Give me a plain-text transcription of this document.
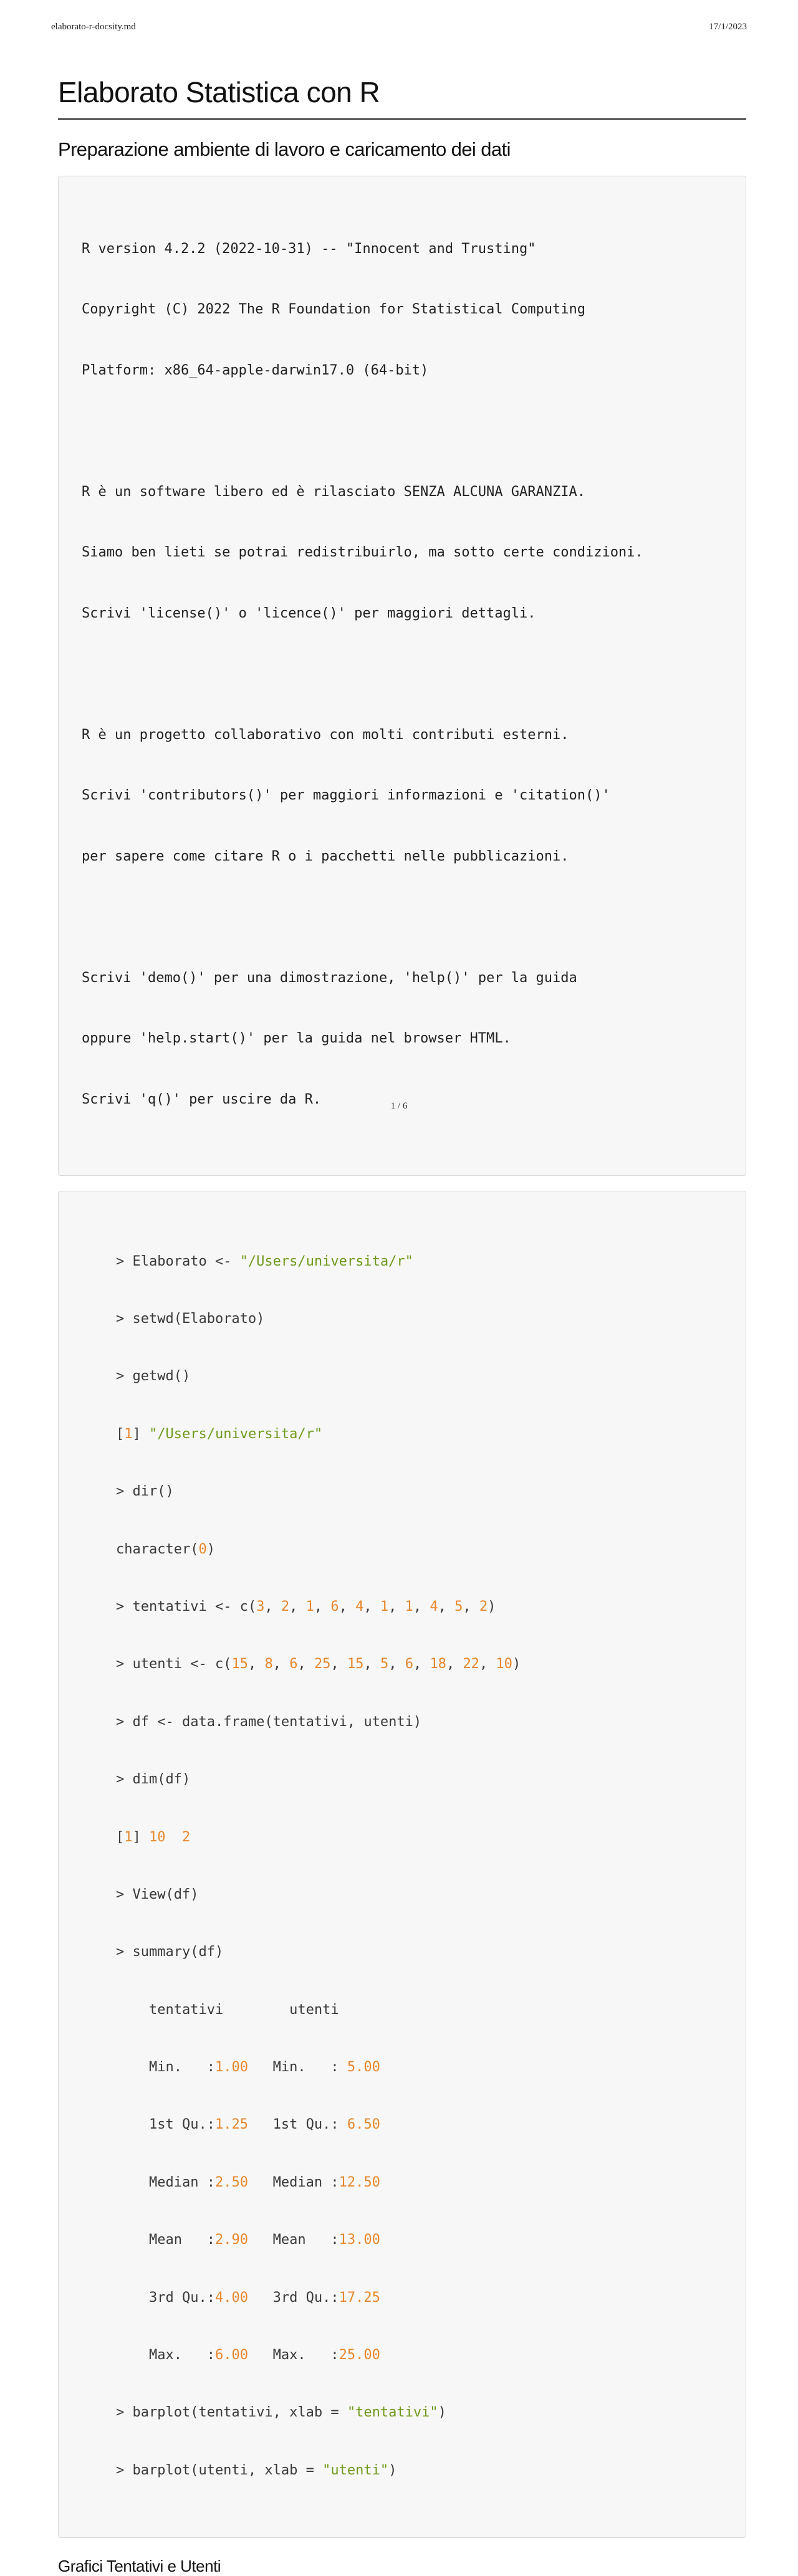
elaborato-r-docsity.md	17/1/2023
Elaborato Statistica con R
Preparazione ambiente di lavoro e caricamento dei dati

R version 4.2.2 (2022-10-31) -- "Innocent and Trusting"

Copyright (C) 2022 The R Foundation for Statistical Computing

Platform: x86_64-apple-darwin17.0 (64-bit)

R è un software libero ed è rilasciato SENZA ALCUNA GARANZIA.

Siamo ben lieti se potrai redistribuirlo, ma sotto certe condizioni.

Scrivi 'license()' o 'licence()' per maggiori dettagli.

R è un progetto collaborativo con molti contributi esterni.

Scrivi 'contributors()' per maggiori informazioni e 'citation()'

per sapere come citare R o i pacchetti nelle pubblicazioni.

Scrivi 'demo()' per una dimostrazione, 'help()' per la guida

oppure 'help.start()' per la guida nel browser HTML.

Scrivi 'q()' per uscire da R.

> Elaborato <- "/Users/universita/r"

> setwd(Elaborato)

> getwd()

[1] "/Users/universita/r"

> dir()

character(0)

> tentativi <- c(3, 2, 1, 6, 4, 1, 1, 4, 5, 2)

> utenti <- c(15, 8, 6, 25, 15, 5, 6, 18, 22, 10)

> df <- data.frame(tentativi, utenti)

> dim(df)

[1] 10 2

> View(df)

> summary(df)

tentativi        utenti

Min.   :1.00   Min.   : 5.00

1st Qu.:1.25   1st Qu.: 6.50

Median :2.50   Median :12.50

Mean   :2.90   Mean   :13.00

3rd Qu.:4.00   3rd Qu.:17.25

Max.   :6.00   Max.   :25.00

> barplot(tentativi, xlab = "tentativi")

> barplot(utenti, xlab = "utenti")

Grafici Tentativi e Utenti
1 / 6
